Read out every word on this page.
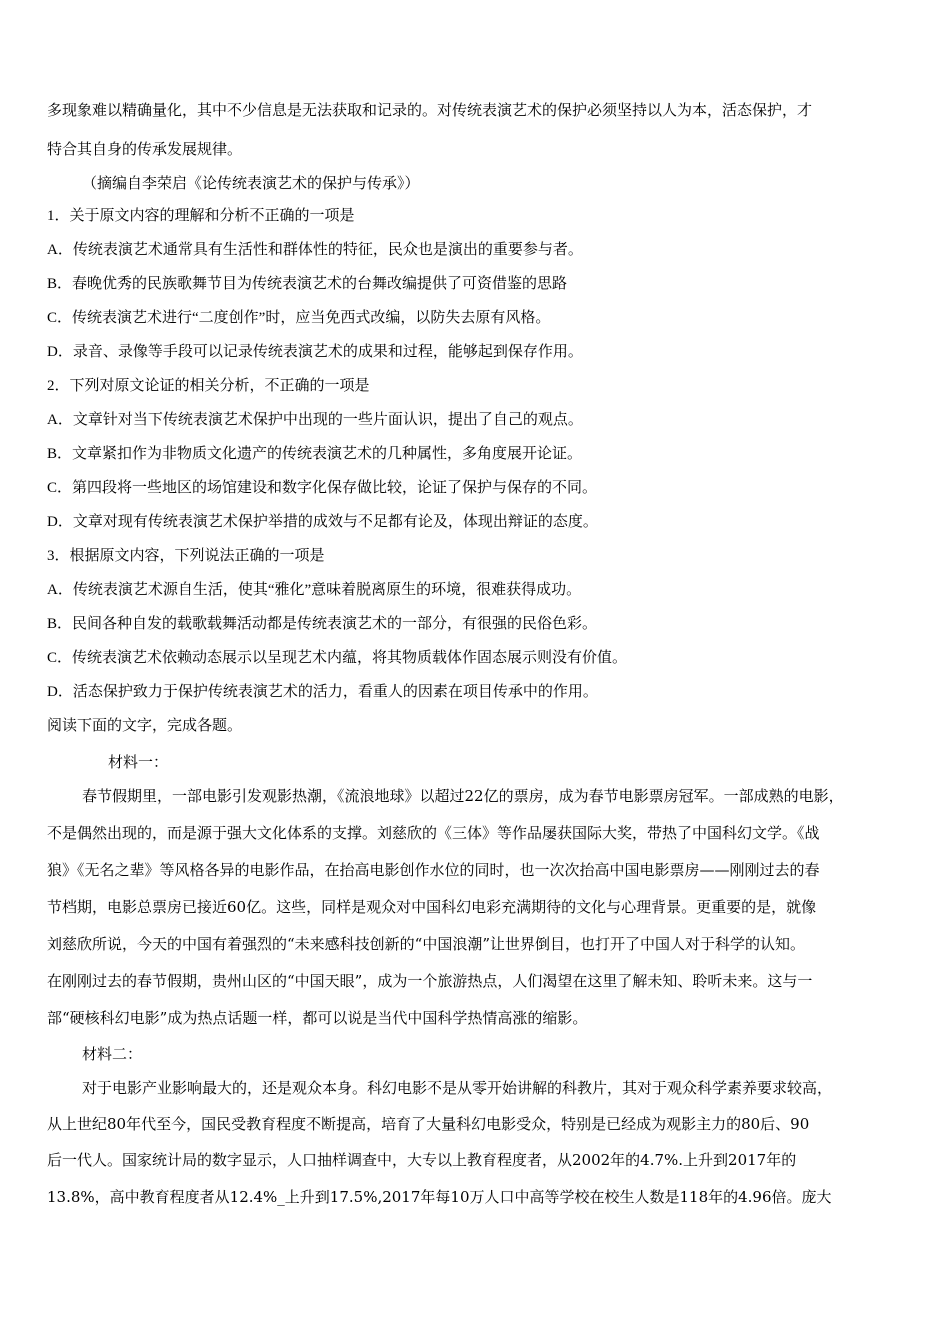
多现象难以精确量化，其中不少信息是无法获取和记录的。对传统表演艺术的保护必须坚持以人为本，活态保护，才
特合其自身的传承发展规律。
（摘编自李荣启《论传统表演艺术的保护与传承》）
1．关于原文内容的理解和分析不正确的一项是
A．传统表演艺术通常具有生活性和群体性的特征，民众也是演出的重要参与者。
B．春晚优秀的民族歌舞节目为传统表演艺术的台舞改编提供了可资借鉴的思路
C．传统表演艺术进行“二度创作”时，应当免西式改编，以防失去原有风格。
D．录音、录像等手段可以记录传统表演艺术的成果和过程，能够起到保存作用。
2．下列对原文论证的相关分析，不正确的一项是
A．文章针对当下传统表演艺术保护中出现的一些片面认识，提出了自己的观点。
B．文章紧扣作为非物质文化遗产的传统表演艺术的几种属性，多角度展开论证。
C．第四段将一些地区的场馆建设和数字化保存做比较，论证了保护与保存的不同。
D．文章对现有传统表演艺术保护举措的成效与不足都有论及，体现出辩证的态度。
3．根据原文内容，下列说法正确的一项是
A．传统表演艺术源自生活，使其“雅化”意味着脱离原生的环境，很难获得成功。
B．民间各种自发的载歌载舞活动都是传统表演艺术的一部分，有很强的民俗色彩。
C．传统表演艺术依赖动态展示以呈现艺术内蕴，将其物质载体作固态展示则没有价值。
D．活态保护致力于保护传统表演艺术的活力，看重人的因素在项目传承中的作用。
阅读下面的文字，完成各题。
材料一：
春节假期里，一部电影引发观影热潮，《流浪地球》以超过22亿的票房，成为春节电影票房冠军。一部成熟的电影，
不是偶然出现的，而是源于强大文化体系的支撑。刘慈欣的《三体》等作品屡获国际大奖，带热了中国科幻文学。《战
狼》《无名之辈》等风格各异的电影作品，在抬高电影创作水位的同时，也一次次抬高中国电影票房——刚刚过去的春
节档期，电影总票房已接近60亿。这些，同样是观众对中国科幻电彩充满期待的文化与心理背景。更重要的是，就像
刘慈欣所说，今天的中国有着强烈的“未来感科技创新的“中国浪潮”让世界倒目，也打开了中国人对于科学的认知。
在刚刚过去的春节假期，贵州山区的“中国天眼”，成为一个旅游热点，人们渴望在这里了解未知、聆听未来。这与一
部“硬核科幻电影”成为热点话题一样，都可以说是当代中国科学热情高涨的缩影。
材料二：
对于电影产业影响最大的，还是观众本身。科幻电影不是从零开始讲解的科教片，其对于观众科学素养要求较高，
从上世纪80年代至今，国民受教育程度不断提高，培育了大量科幻电影受众，特别是已经成为观影主力的80后、90
后一代人。国家统计局的数字显示，人口抽样调查中，大专以上教育程度者，从2002年的4.7%.上升到2017年的
13.8%，高中教育程度者从12.4%_上升到17.5%,2017年每10万人口中高等学校在校生人数是118年的4.96倍。庞大
